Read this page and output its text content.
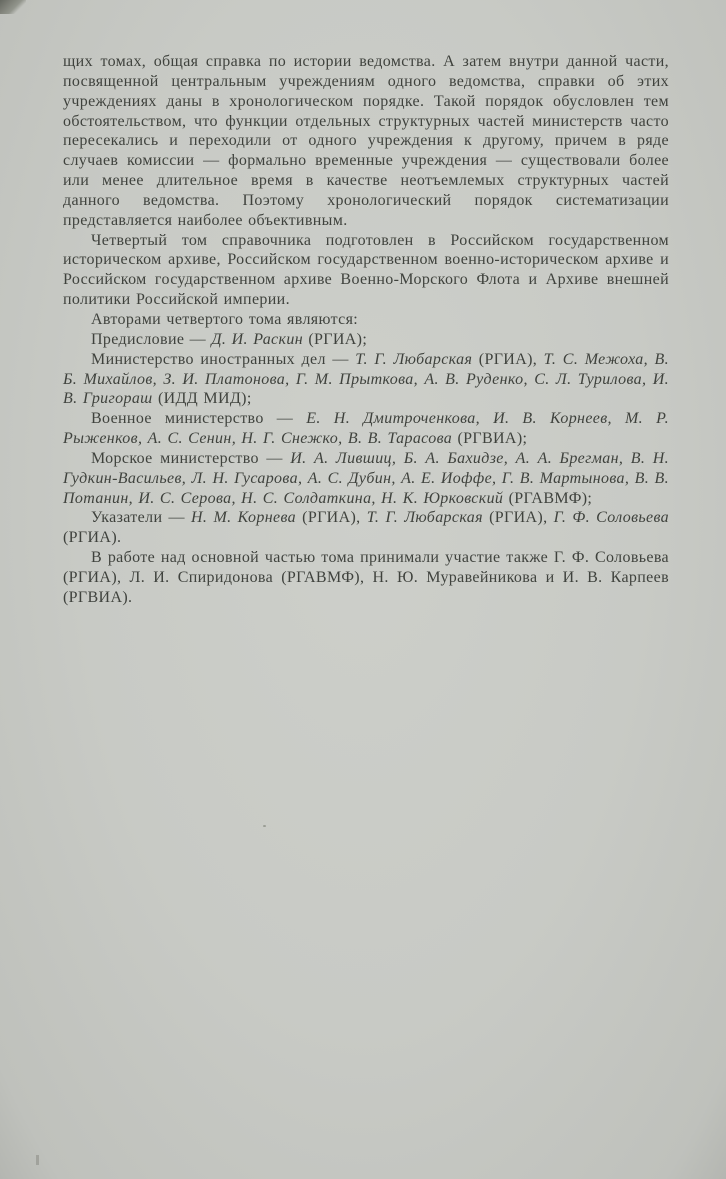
щих томах, общая справка по истории ведомства. А затем внутри данной части, посвященной центральным учреждениям одного ведомства, справки об этих учреждениях даны в хронологическом порядке. Такой порядок обусловлен тем обстоятельством, что функции отдельных структурных частей министерств часто пересекались и переходили от одного учреждения к другому, причем в ряде случаев комиссии — формально временные учреждения — существовали более или менее длительное время в качестве неотъемлемых структурных частей данного ведомства. Поэтому хронологический порядок систематизации представляется наиболее объективным.

Четвертый том справочника подготовлен в Российском государственном историческом архиве, Российском государственном военно-историческом архиве и Российском государственном архиве Военно-Морского Флота и Архиве внешней политики Российской империи.

Авторами четвертого тома являются:

Предисловие — Д. И. Раскин (РГИА);

Министерство иностранных дел — Т. Г. Любарская (РГИА), Т. С. Межоха, В. Б. Михайлов, З. И. Платонова, Г. М. Прыткова, А. В. Руденко, С. Л. Турилова, И. В. Григораш (ИДД МИД);

Военное министерство — Е. Н. Дмитроченкова, И. В. Корнеев, М. Р. Рыженков, А. С. Сенин, Н. Г. Снежко, В. В. Тарасова (РГВИА);

Морское министерство — И. А. Лившиц, Б. А. Бахидзе, А. А. Брегман, В. Н. Гудкин-Васильев, Л. Н. Гусарова, А. С. Дубин, А. Е. Иоффе, Г. В. Мартынова, В. В. Потанин, И. С. Серова, Н. С. Солдаткина, Н. К. Юрковский (РГАВМФ);

Указатели — Н. М. Корнева (РГИА), Т. Г. Любарская (РГИА), Г. Ф. Соловьева (РГИА).

В работе над основной частью тома принимали участие также Г. Ф. Соловьева (РГИА), Л. И. Спиридонова (РГАВМФ), Н. Ю. Муравейникова и И. В. Карпеев (РГВИА).
